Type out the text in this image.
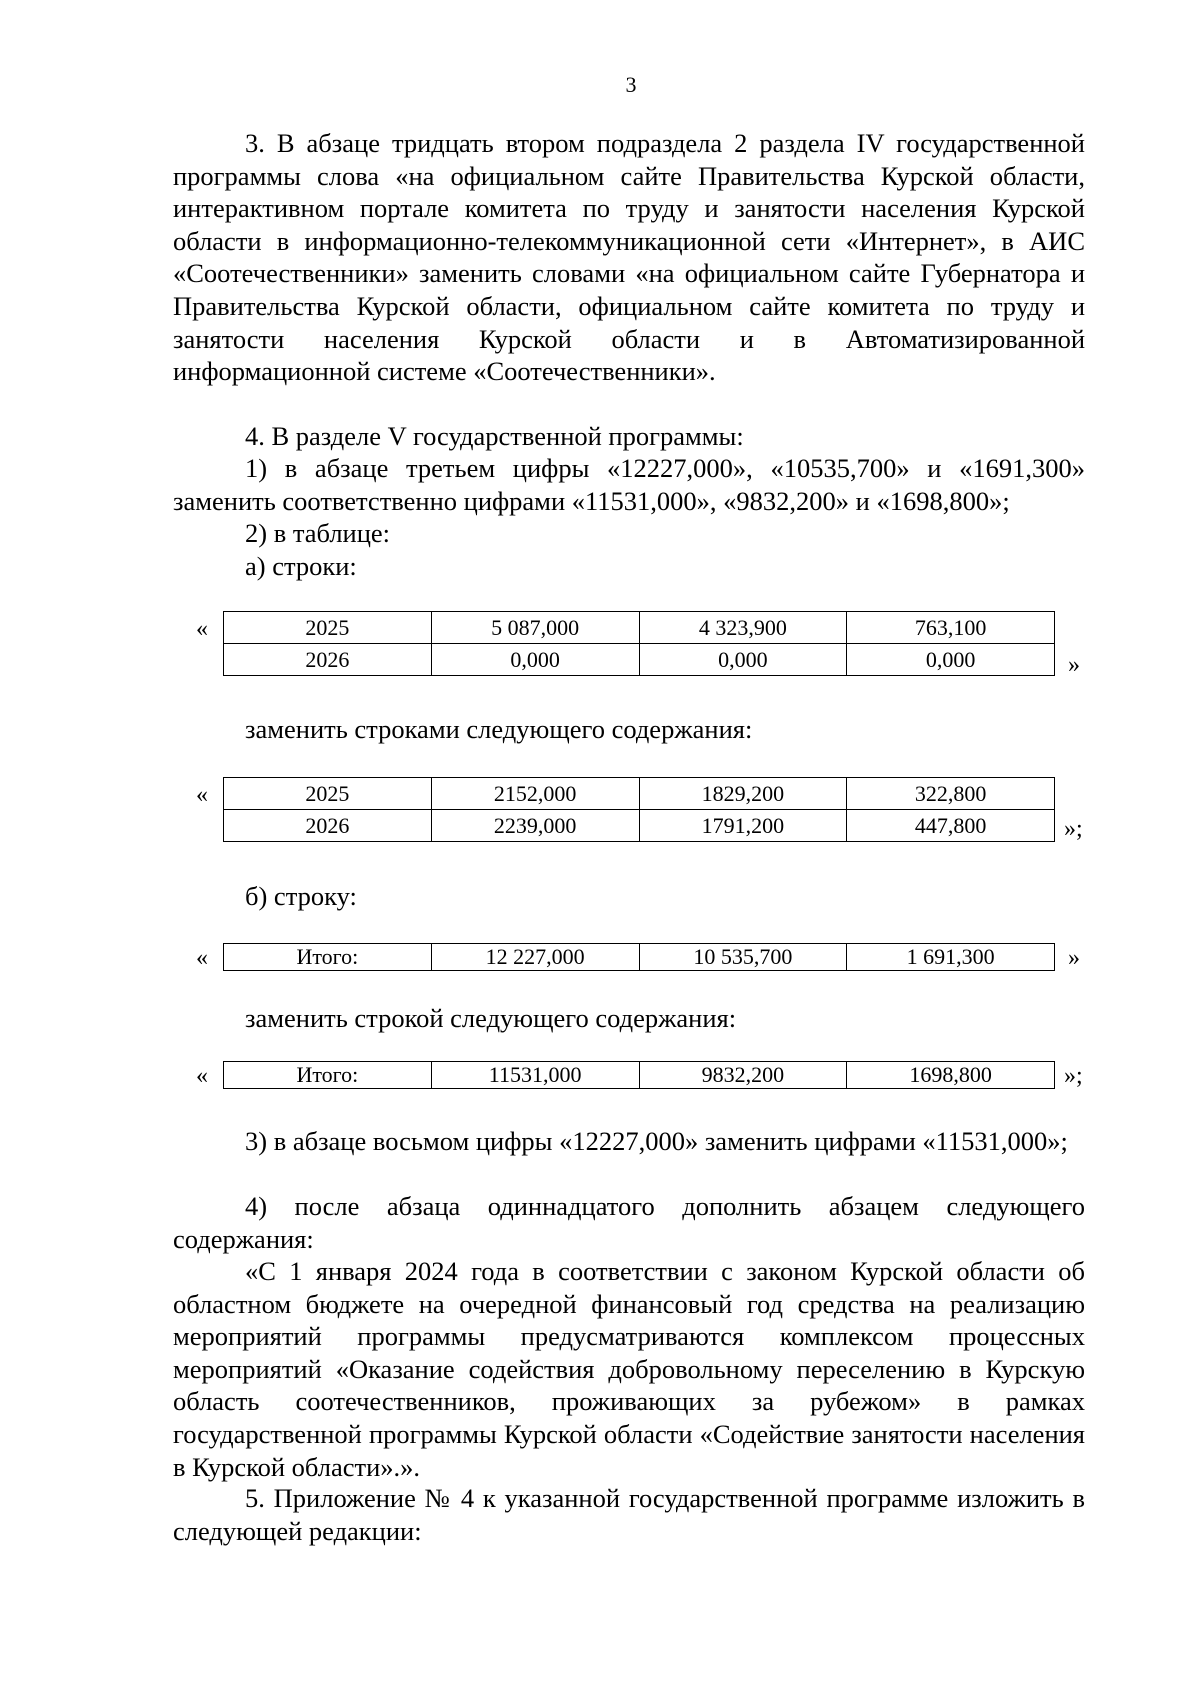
3

3. В абзаце тридцать втором подраздела 2 раздела IV государственной программы слова «на официальном сайте Правительства Курской области, интерактивном портале комитета по труду и занятости населения Курской области в информационно-телекоммуникационной сети «Интернет», в АИС «Соотечественники» заменить словами «на официальном сайте Губернатора и Правительства Курской области, официальном сайте комитета по труду и занятости населения Курской области и в Автоматизированной информационной системе «Соотечественники».

4. В разделе V государственной программы:

1) в абзаце третьем цифры «12227,000», «10535,700» и «1691,300» заменить соответственно цифрами «11531,000», «9832,200» и «1698,800»;

2) в таблице:

а) строки:

«	2025	5 087,000	4 323,900	763,100
2026	0,000	0,000	0,000	»

заменить строками следующего содержания:

«	2025	2152,000	1829,200	322,800
2026	2239,000	1791,200	447,800	»;

б) строку:

«	Итого:	12 227,000	10 535,700	1 691,300	»

заменить строкой следующего содержания:

«	Итого:	11531,000	9832,200	1698,800	»;

3) в абзаце восьмом цифры «12227,000» заменить цифрами «11531,000»;

4) после абзаца одиннадцатого дополнить абзацем следующего содержания:

«С 1 января 2024 года в соответствии с законом Курской области об областном бюджете на очередной финансовый год средства на реализацию мероприятий программы предусматриваются комплексом процессных мероприятий «Оказание содействия добровольному переселению в Курскую область соотечественников, проживающих за рубежом» в рамках государственной программы Курской области «Содействие занятости населения в Курской области».».

5. Приложение № 4 к указанной государственной программе изложить в следующей редакции:
